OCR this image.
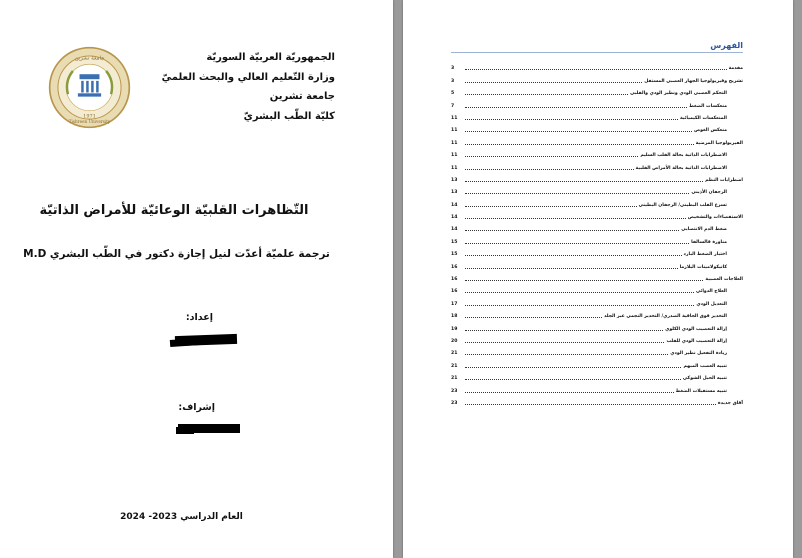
الجمهوريّة العربيّة السوريّة
وزارة التّعليم العالي والبحث العلميّ
جامعة تشرين
كليّة الطّب البشريّ
1971
جامعة تشرين
Tishreen University
التّظاهرات القلبيّة الوعائيّة للأمراض الذاتيّة
ترجمة علميّة أعدّت لنيل إجازة دكتور في الطّب البشري M.D
إعداد:
إشراف:
العام الدراسي 2023- 2024
الفهرس
مقدمة
3
تشريح وفيزيولوجيا الجهاز العصبي المستقل
3
التحكم العصبي الودي ونظير الودي والقلبي
5
منعكسات الضغط
7
المنعكسات الكيميائية
11
منعكس الغوص
11
الفيزيولوجيا المرضية
11
الاضطرابات الذاتية بحالة القلب السليم
11
الاضطرابات الذاتية بحالة الأمراض القلبية
11
اضطرابات النظم
13
الرجفان الأذيني
13
تسرع القلب البطيني/ الرجفان البطيني
14
الاستقصاءات والتشخيص
14
ضغط الدم الانتصابي
14
مناورة فالسالفا
15
اختبار الضغط البارد
15
كاتيكولامينات البلازما
16
العلاجات العصبية
16
العلاج الدوائي
16
التعديل الودي
17
التخدير فوق الجافية الصدري/ التخدير النجمي عبر الجلد
18
إزالة التعصيب الودي الكلوي
19
إزالة التعصيب الودي للقلب
20
زيادة التفعيل نظير الودي
21
تنبيه العصب المبهم
21
تنبيه الحبل الشوكي
21
تنبيه مستقبلات الضغط
23
آفاق جديدة
23
